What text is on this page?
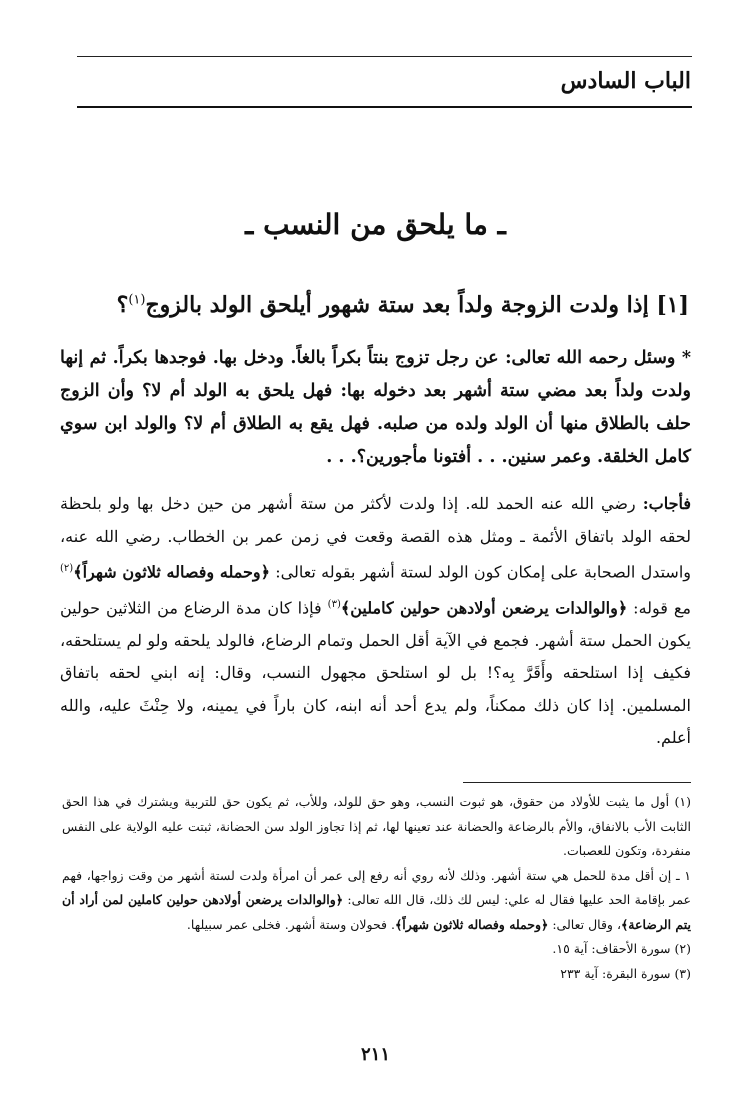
الباب السادس
ـ ما يلحق من النسب ـ
[١] إذا ولدت الزوجة ولداً بعد ستة شهور أيلحق الولد بالزوج$^{(١)}$؟
* وسئل رحمه الله تعالى: عن رجل تزوج بنتاً بكراً بالغاً. ودخل بها. فوجدها بكراً. ثم إنها ولدت ولداً بعد مضي ستة أشهر بعد دخوله بها: فهل يلحق به الولد أم لا؟ وأن الزوج حلف بالطلاق منها أن الولد ولده من صلبه. فهل يقع به الطلاق أم لا؟ والولد ابن سوي كامل الخلقة. وعمر سنين. . . أفتونا مأجورين؟. . .
فأجاب: رضي الله عنه الحمد لله. إذا ولدت لأكثر من ستة أشهر من حين دخل بها ولو بلحظة لحقه الولد باتفاق الأئمة ـ ومثل هذه القصة وقعت في زمن عمر بن الخطاب. رضي الله عنه، واستدل الصحابة على إمكان كون الولد لستة أشهر بقوله تعالى: ﴿وحمله وفصاله ثلاثون شهراً﴾$^{(٢)}$ مع قوله: ﴿والوالدات يرضعن أولادهن حولين كاملين﴾$^{(٣)}$ فإذا كان مدة الرضاع من الثلاثين حولين يكون الحمل ستة أشهر. فجمع في الآية أقل الحمل وتمام الرضاع، فالولد يلحقه ولو لم يستلحقه، فكيف إذا استلحقه وأَقَرَّ بِه؟! بل لو استلحق مجهول النسب، وقال: إنه ابني لحقه باتفاق المسلمين. إذا كان ذلك ممكناً، ولم يدع أحد أنه ابنه، كان باراً في يمينه، ولا حِنْثَ عليه، والله أعلم.

(١) أول ما يثبت للأولاد من حقوق، هو ثبوت النسب، وهو حق للولد، وللأب، ثم يكون حق للتربية ويشترك في هذا الحق الثابت الأب بالانفاق، والأم بالرضاعة والحضانة عند تعينها لها، ثم إذا تجاوز الولد سن الحضانة، ثبتت عليه الولاية على النفس منفردة، وتكون للعصبات.

١ ـ إن أقل مدة للحمل هي ستة أشهر. وذلك لأنه روي أنه رفع إلى عمر أن امرأة ولدت لستة أشهر من وقت زواجها، فهم عمر بإقامة الحد عليها فقال له علي: ليس لك ذلك، قال الله تعالى: ﴿والوالدات يرضعن أولادهن حولين كاملين لمن أراد أن يتم الرضاعة﴾، وقال تعالى: ﴿وحمله وفصاله ثلاثون شهراً﴾. فحولان وستة أشهر. فخلى عمر سبيلها.

(٢) سورة الأحقاف: آية ١٥.

(٣) سورة البقرة: آية ٢٣٣

٢١١
